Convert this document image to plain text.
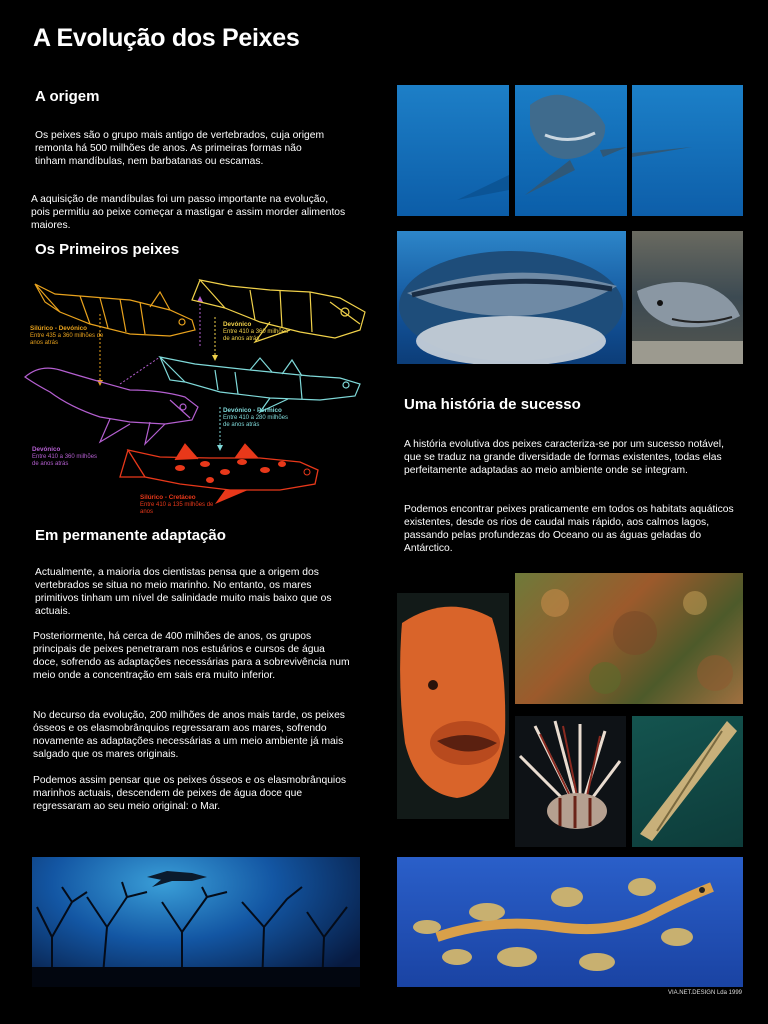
A Evolução dos Peixes
A origem

Os peixes são o grupo mais antigo de vertebrados, cuja origem remonta há 500 milhões de anos. As primeiras formas não tinham mandíbulas, nem barbatanas ou escamas.

A aquisição de mandíbulas foi um passo importante na evolução, pois permitiu ao peixe começar a mastigar e assim morder alimentos maiores.

Os Primeiros peixes
Silúrico - Devónico
Entre 435 a 360 milhões de anos atrás
Devónico
Entre 410 a 360 milhões de anos atrás
Devónico
Entre 410 a 360 milhões de anos atrás
Devónico - Pérmico
Entre 410 a 280 milhões de anos atrás
Silúrico - Cretáceo
Entre 410 a 135 milhões de anos
Em permanente adaptação

Actualmente, a maioria dos cientistas pensa que a origem dos vertebrados se situa no meio marinho. No entanto, os mares primitivos tinham um nível de salinidade muito mais baixo que os actuais.

Posteriormente, há cerca de 400 milhões de anos, os grupos principais de peixes penetraram nos estuários e cursos de água doce, sofrendo as adaptações necessárias para a sobrevivência num meio onde a concentração em sais era muito inferior.

No decurso da evolução, 200 milhões de anos mais tarde, os peixes ósseos e os elasmobrânquios regressaram aos mares, sofrendo novamente as adaptações necessárias a um meio ambiente já mais salgado que os mares originais.

Podemos assim pensar que os peixes ósseos e os elasmobrânquios marinhos actuais, descendem de peixes de água doce que regressaram ao seu meio original: o Mar.

Uma história de sucesso

A história evolutiva dos peixes caracteriza-se por um sucesso notável, que se traduz na grande diversidade de formas existentes, todas elas perfeitamente adaptadas ao meio ambiente onde se integram.

Podemos encontrar peixes praticamente em todos os habitats aquáticos existentes, desde os rios de caudal mais rápido, aos calmos lagos, passando pelas profundezas do Oceano ou as águas geladas do Antárctico.

VIA.NET.DESIGN Lda 1999
